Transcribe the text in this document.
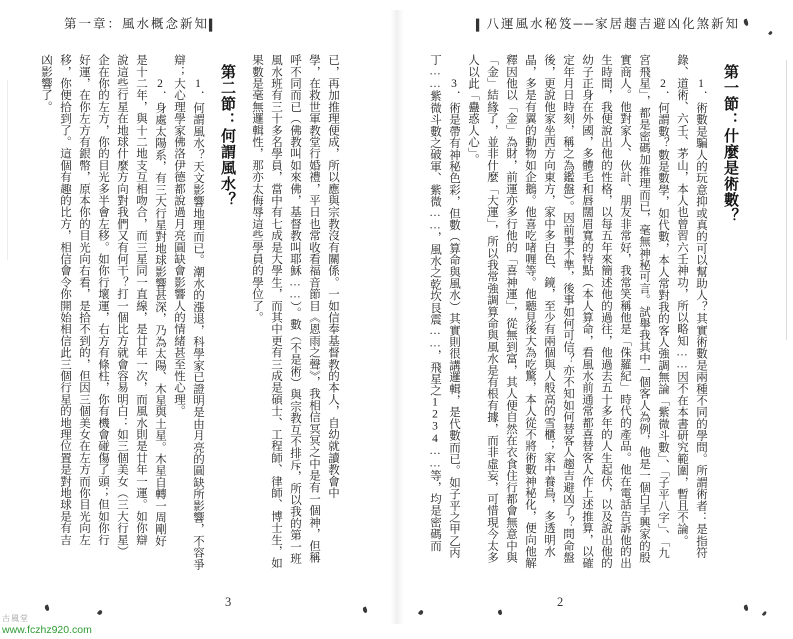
第一章：風水概念新知▍	▍八運風水秘笈──家居趨吉避凶化煞新知
已，再加推理便成，所以應與宗教沒有關係。一如信奉基督教的本人，自幼就讀教會中
學，在救世軍教堂行婚禮，平日也常收看福音節目《恩雨之聲》，我相信冥冥之中是有一個神，但稱
呼不同而已（佛教叫如來佛，基督教叫耶穌……）。數（不是術）與宗教互不排斥，所以我的第一班
風水班有三十多名學員，當中有七成是大學生，而其中更有三成是碩士、工程師、律師、博士生，如
果數是毫無邏輯性，那亦太侮辱這些學員的學位了。
第二節：何謂風水？
1．何謂風水？天文影響地理而已。潮水的漲退，科學家已證明是由月亮的圓缺所影響，不容爭
辯；大心理學家佛洛伊德都說過月亮圓缺會影響人的情緒甚至性心理。
2．身處太陽系，有三大行星對地球影響甚深，乃為太陽、木星與土星。木星自轉一周剛好
是十二年，與十二地支互相吻合，而三星同一直線，是廿年一次，而風水則是廿年一運。如你辯
說這些行星在地球什麼方向對我們又有何干？打一個比方就會容易明白：如三個美女（三大行星）
企在你的左方，你的目光多半會左移。如你行壞運，右方有條柱，你有機會碰傷了頭；但如你行
好運，在你左方有銀幣，原本你的目光向右看，是拾不到的，但因三個美女在左方而你目光向左
移，你便拾到了。這個有趣的比方，相信會令你開始相信此三個行星的地理位置是對地球是有吉
凶影響了。	第一節：什麼是術數？
1．術數是騙人的玩意抑或真的可以幫助人？其實術數是兩種不同的學問。所謂術者：是指符
錄、道術、六壬、茅山，本人也曾習六壬神功，所以略知……因不在本書研究範圍，暫且不論。
2．何謂數？數是數學，如代數，本人常對我的客人強調無論「紫微斗數」、「子平八字」、「九
宮飛星」，都是密碼加推理而已，毫無神秘可言。試舉我其中一個客人為例，他是一個白手興家的殷
實商人。他對家人、伙計、朋友非常好，我常笑稱他是「侏羅紀」時代的產品。他在電話告訴他的出
生時間，我便說出他的性格，以每五年來簡述他的過往，他過去五十多年的人生起伏，以及說出他的
幼子正身在外國，多體毛和唇闊眉寬的特點（本人算命，看風水前通常都喜替客人作上述推算，以確
定年月日時刻，稱之為鑑盤）。因前事不準，後事如何可信？亦不知如何替客人趨吉避凶了？問命盤
後，更說他家坐西方向東方，家中多白色、鏡，至少有兩個與人般高的雪櫃；家中養鳥，多透明水
晶，多是有翼的動物如企鵝。他喜吃啫喱等。他聽見後大為吃驚，本人從不將術數神秘化，便向他解
釋因他以「金」為財，前運亦多行他的「喜神運」，從無到富，其人便自然在衣食住行都會無意中與
「金」結緣了，並非什麼「大運」，所以我常強調算命與風水是有根有據，而非虛妄，可惜現今太多
人以此「蠱惑人心」。
3．術是帶有神秘色彩，但數（算命與風水）其實則很講邏輯，是代數而已。如子平之甲乙丙
丁……紫微斗數之破軍、紫微……，風水之乾坎艮震……，飛星之1234……等，均是密碼而
3	2
古風堂
www.fczhz920.com
